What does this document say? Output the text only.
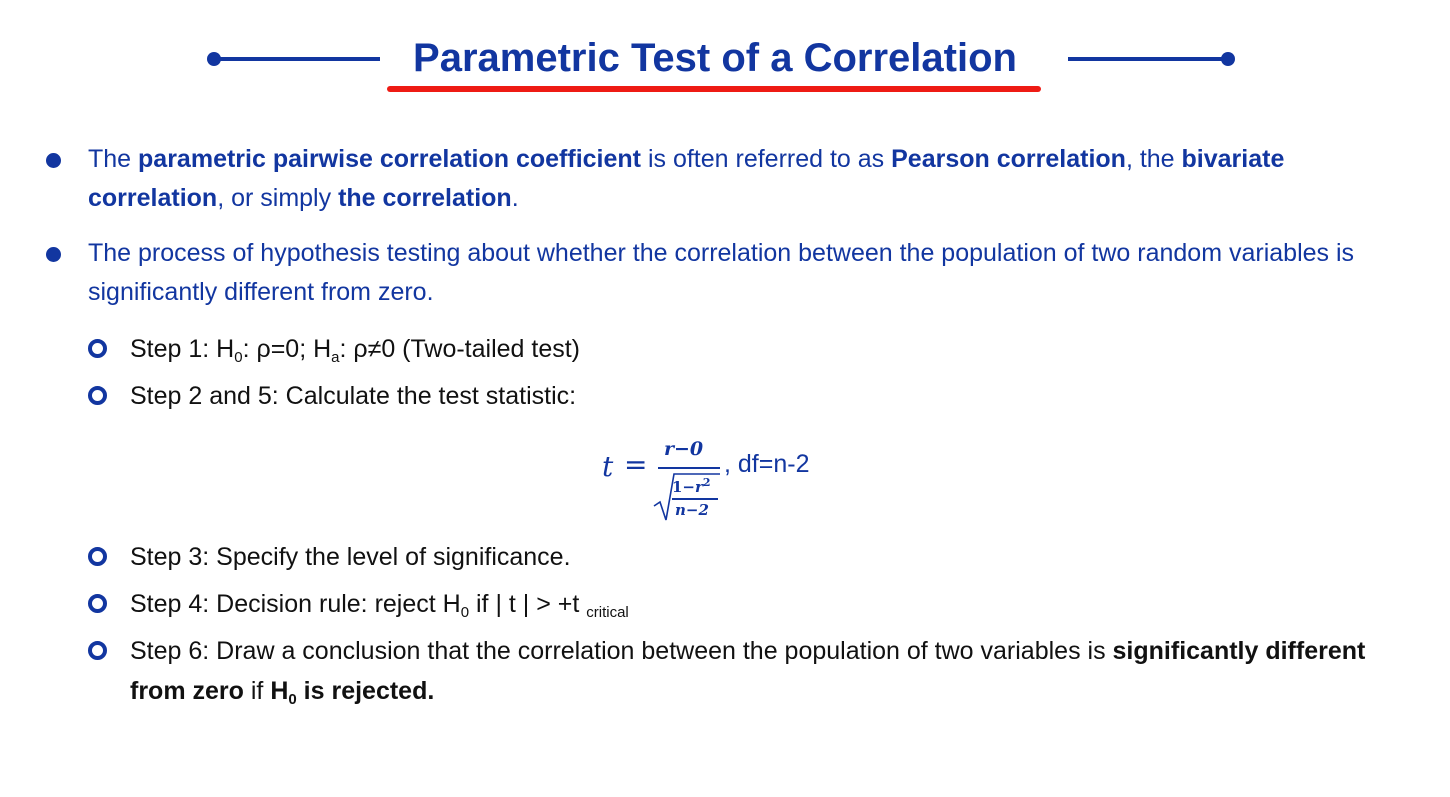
Parametric Test of a Correlation
The parametric pairwise correlation coefficient is often referred to as Pearson correlation, the bivariate correlation, or simply the correlation.
The process of hypothesis testing about whether the correlation between the population of two random variables is significantly different from zero.
Step 1: $H_0$: ρ=0; $H_a$: ρ≠0 (Two-tailed test)
Step 2 and 5: Calculate the test statistic:
t = r−0
$1-r^2$
n−2
, df=n-2
Step 3: Specify the level of significance.
Step 4: Decision rule: reject $H_0$ if | t | > +t $_{critical}$
Step 6: Draw a conclusion that the correlation between the population of two variables is significantly different from zero if $H_0$ is rejected.
